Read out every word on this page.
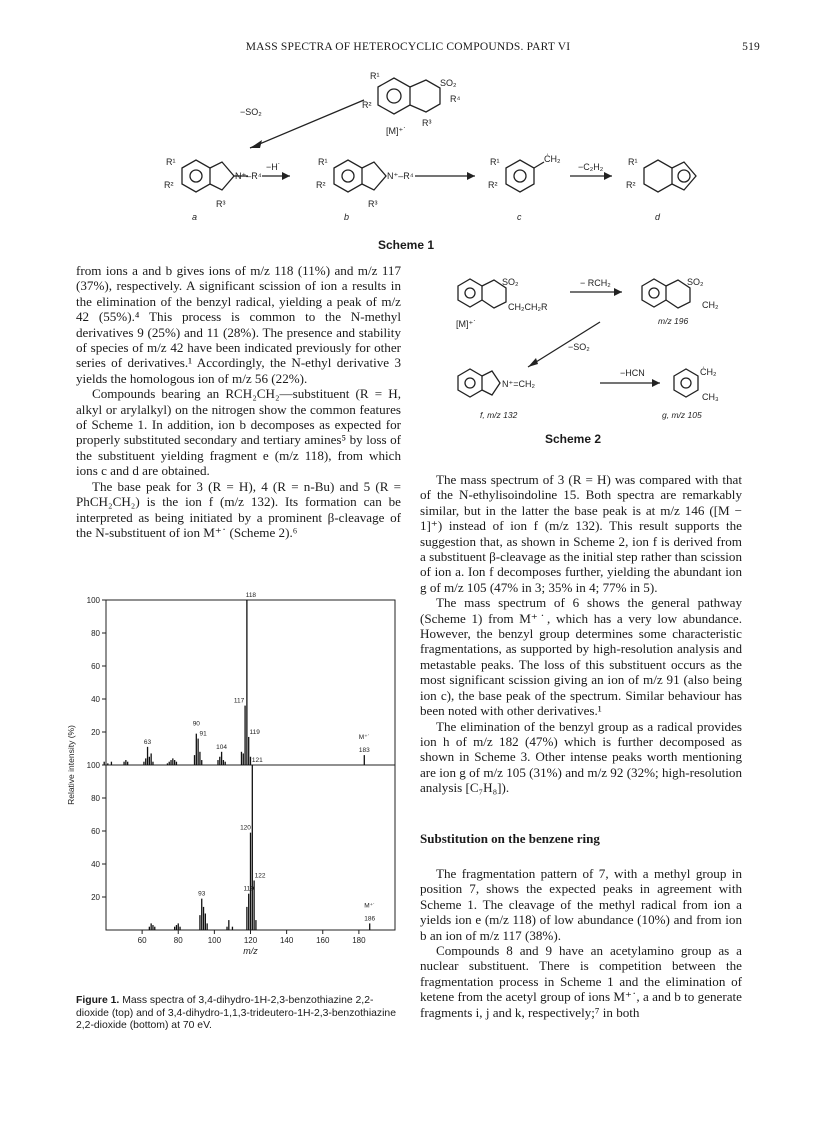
MASS SPECTRA OF HETEROCYCLIC COMPOUNDS. PART VI	519
−SO₂
[M]⁺˙
−H˙	−C₂H₂
R¹
R²
SO₂
R⁴
R³
R¹
R²
N⁺–R⁴
R³
R¹
R²
N⁺–R⁴
R³
R¹
R²
ĊH₂	R¹
R²
a	b	c	d
Scheme 1
− RCH₂
−SO₂
−HCN
[M]⁺˙
SO₂
CH₂CH₂R
SO₂
CH₂
N⁺=CH₂
ĊH₂
CH₃
m/z 196
f, m/z 132	g, m/z 105
Scheme 2

from ions a and b gives ions of m/z 118 (11%) and m/z 117 (37%), respectively. A significant scission of ion a results in the elimination of the benzyl radical, yielding a peak of m/z 42 (55%).⁴ This process is common to the N-methyl derivatives 9 (25%) and 11 (28%). The presence and stability of species of m/z 42 have been indicated previously for other series of derivatives.¹ Accordingly, the N-ethyl derivative 3 yields the homologous ion of m/z 56 (22%).

Compounds bearing an RCH₂CH₂—substituent (R = H, alkyl or arylalkyl) on the nitrogen show the common features of Scheme 1. In addition, ion b decomposes as expected for properly substituted secondary and tertiary amines⁵ by loss of the substituent yielding fragment e (m/z 118), from which ions c and d are obtained.

The base peak for 3 (R = H), 4 (R = n-Bu) and 5 (R = PhCH₂CH₂) is the ion f (m/z 132). Its formation can be interpreted as being initiated by a prominent β-cleavage of the N-substituent of ion M⁺˙ (Scheme 2).⁶

The mass spectrum of 3 (R = H) was compared with that of the N-ethylisoindoline 15. Both spectra are remarkably similar, but in the latter the base peak is at m/z 146 ([M − 1]⁺) instead of ion f (m/z 132). This result supports the suggestion that, as shown in Scheme 2, ion f is derived from a substituent β-cleavage as the initial step rather than scission of ion a. Ion f decomposes further, yielding the abundant ion g of m/z 105 (47% in 3; 35% in 4; 77% in 5).

The mass spectrum of 6 shows the general pathway (Scheme 1) from M⁺˙, which has a very low abundance. However, the benzyl group determines some characteristic fragmentations, as supported by high-resolution analysis and metastable peaks. The loss of this substituent occurs as the most significant scission giving an ion of m/z 91 (also being ion c), the base peak of the spectrum. Similar behaviour has been noted with other derivatives.¹

The elimination of the benzyl group as a radical provides ion h of m/z 182 (47%) which is further decomposed as shown in Scheme 3. Other intense peaks worth mentioning are ion g of m/z 105 (31%) and m/z 92 (32%; high-resolution analysis [C₇H₈]).

Substitution on the benzene ring

The fragmentation pattern of 7, with a methyl group in position 7, shows the expected peaks in agreement with Scheme 1. The cleavage of the methyl radical from ion a yields ion e (m/z 118) of low abundance (10%) and from ion b an ion of m/z 117 (38%).

Compounds 8 and 9 have an acetylamino group as a nuclear substituent. There is competition between the fragmentation process in Scheme 1 and the elimination of ketene from the acetyl group of ions M⁺˙, a and b to generate fragments i, j and k, respectively;⁷ in both

20
40
60
80
100
63
90
91
104
117
118
119
M⁺˙
183
20
40
60
80
100
93
119
120
121
122
M⁺˙
186
60	80	100	120	140	160	180
m/z
Relative intensity (%)
Figure 1. Mass spectra of 3,4-dihydro-1H-2,3-benzothiazine 2,2-dioxide (top) and of 3,4-dihydro-1,1,3-trideutero-1H-2,3-benzothiazine 2,2-dioxide (bottom) at 70 eV.
